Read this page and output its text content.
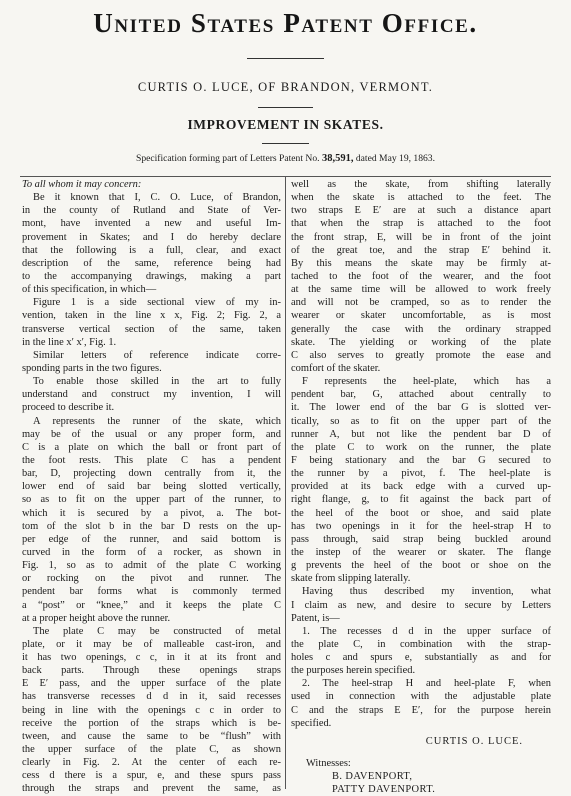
United States Patent Office.
CURTIS O. LUCE, OF BRANDON, VERMONT.
IMPROVEMENT IN SKATES.
Specification forming part of Letters Patent No. 38,591, dated May 19, 1863.
To all whom it may concern:
Be it known that I, C. O. Luce, of Brandon,
in the county of Rutland and State of Ver-
mont, have invented a new and useful Im-
provement in Skates; and I do hereby declare
that the following is a full, clear, and exact
description of the same, reference being had
to the accompanying drawings, making a part
of this specification, in which—
Figure 1 is a side sectional view of my in-
vention, taken in the line x x, Fig. 2; Fig. 2, a
transverse vertical section of the same, taken
in the line x′ x′, Fig. 1.
Similar letters of reference indicate corre-
sponding parts in the two figures.
To enable those skilled in the art to fully
understand and construct my invention, I will
proceed to describe it.
A represents the runner of the skate, which
may be of the usual or any proper form, and
C is a plate on which the ball or front part of
the foot rests. This plate C has a pendent
bar, D, projecting down centrally from it, the
lower end of said bar being slotted vertically,
so as to fit on the upper part of the runner, to
which it is secured by a pivot, a. The bot-
tom of the slot b in the bar D rests on the up-
per edge of the runner, and said bottom is
curved in the form of a rocker, as shown in
Fig. 1, so as to admit of the plate C working
or rocking on the pivot and runner. The
pendent bar forms what is commonly termed
a “post” or “knee,” and it keeps the plate C
at a proper height above the runner.
The plate C may be constructed of metal
plate, or it may be of malleable cast-iron, and
it has two openings, c c, in it at its front and
back parts. Through these openings straps
E E′ pass, and the upper surface of the plate
has transverse recesses d d in it, said recesses
being in line with the openings c c in order to
receive the portion of the straps which is be-
tween, and cause the same to be “flush” with
the upper surface of the plate C, as shown
clearly in Fig. 2. At the center of each re-
cess d there is a spur, e, and these spurs pass
through the straps and prevent the same, as
well as the skate, from shifting laterally
when the skate is attached to the feet. The
two straps E E′ are at such a distance apart
that when the strap is attached to the foot
the front strap, E, will be in front of the joint
of the great toe, and the strap E′ behind it.
By this means the skate may be firmly at-
tached to the foot of the wearer, and the foot
at the same time will be allowed to work freely
and will not be cramped, so as to render the
wearer or skater uncomfortable, as is most
generally the case with the ordinary strapped
skate. The yielding or working of the plate
C also serves to greatly promote the ease and
comfort of the skater.
F represents the heel-plate, which has a
pendent bar, G, attached about centrally to
it. The lower end of the bar G is slotted ver-
tically, so as to fit on the upper part of the
runner A, but not like the pendent bar D of
the plate C to work on the runner, the plate
F being stationary and the bar G secured to
the runner by a pivot, f. The heel-plate is
provided at its back edge with a curved up-
right flange, g, to fit against the back part of
the heel of the boot or shoe, and said plate
has two openings in it for the heel-strap H to
pass through, said strap being buckled around
the instep of the wearer or skater. The flange
g prevents the heel of the boot or shoe on the
skate from slipping laterally.
Having thus described my invention, what
I claim as new, and desire to secure by Letters
Patent, is—
1. The recesses d d in the upper surface of
the plate C, in combination with the strap-
holes c and spurs e, substantially as and for
the purposes herein specified.
2. The heel-strap H and heel-plate F, when
used in connection with the adjustable plate
C and the straps E E′, for the purpose herein
specified.
CURTIS O. LUCE.
Witnesses:
B. DAVENPORT,
PATTY DAVENPORT.
